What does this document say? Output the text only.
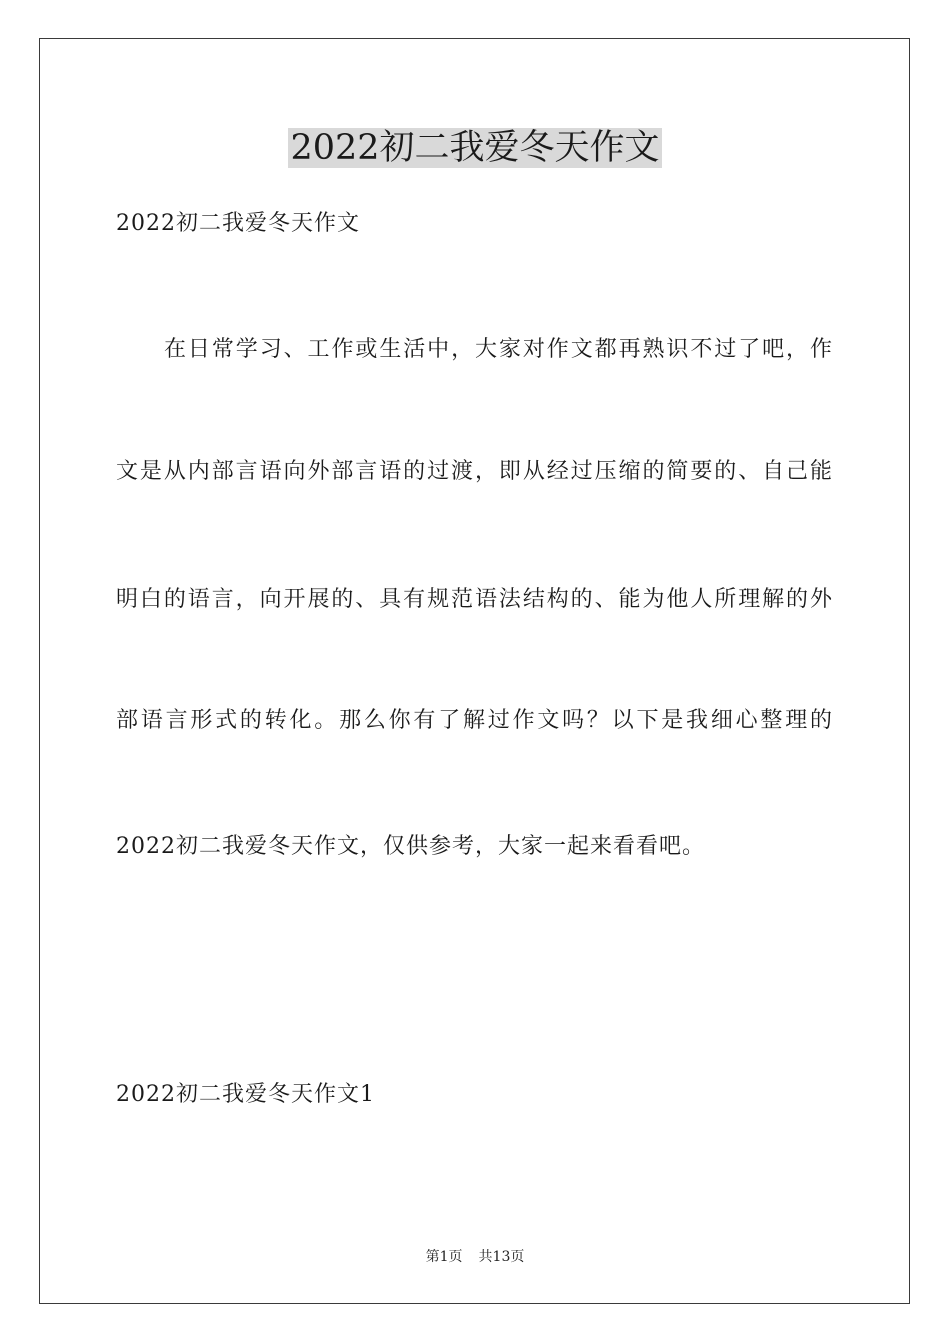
2022初二我爱冬天作文
2022初二我爱冬天作文
在日常学习、工作或生活中，大家对作文都再熟识不过了吧，作
文是从内部言语向外部言语的过渡，即从经过压缩的简要的、自己能
明白的语言，向开展的、具有规范语法结构的、能为他人所理解的外
部语言形式的转化。那么你有了解过作文吗？以下是我细心整理的
2022初二我爱冬天作文，仅供参考，大家一起来看看吧。
2022初二我爱冬天作文1
第1页 共13页
